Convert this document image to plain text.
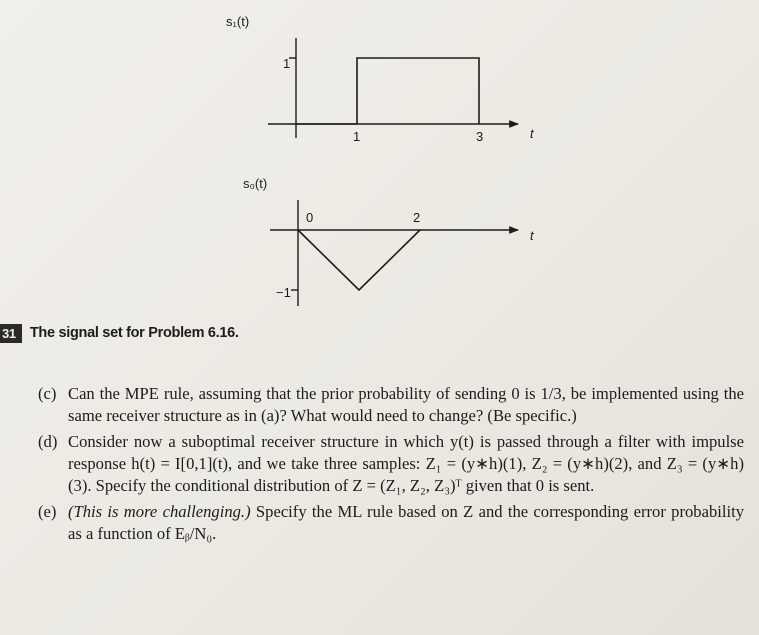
s₁(t)
1
1	3	t
s₀(t)
0	2
−1
t
31 The signal set for Problem 6.16.
(c) Can the MPE rule, assuming that the prior probability of sending 0 is 1/3, be implemented using the same receiver structure as in (a)? What would need to change? (Be specific.)
(d) Consider now a suboptimal receiver structure in which y(t) is passed through a filter with impulse response h(t) = I[0,1](t), and we take three samples: Z₁ = (y∗h)(1), Z₂ = (y∗h)(2), and Z₃ = (y∗h)(3). Specify the conditional distribution of Z = (Z₁, Z₂, Z₃)ᵀ given that 0 is sent.
(e) (This is more challenging.) Specify the ML rule based on Z and the corresponding error probability as a function of Eᵦ/N₀.
